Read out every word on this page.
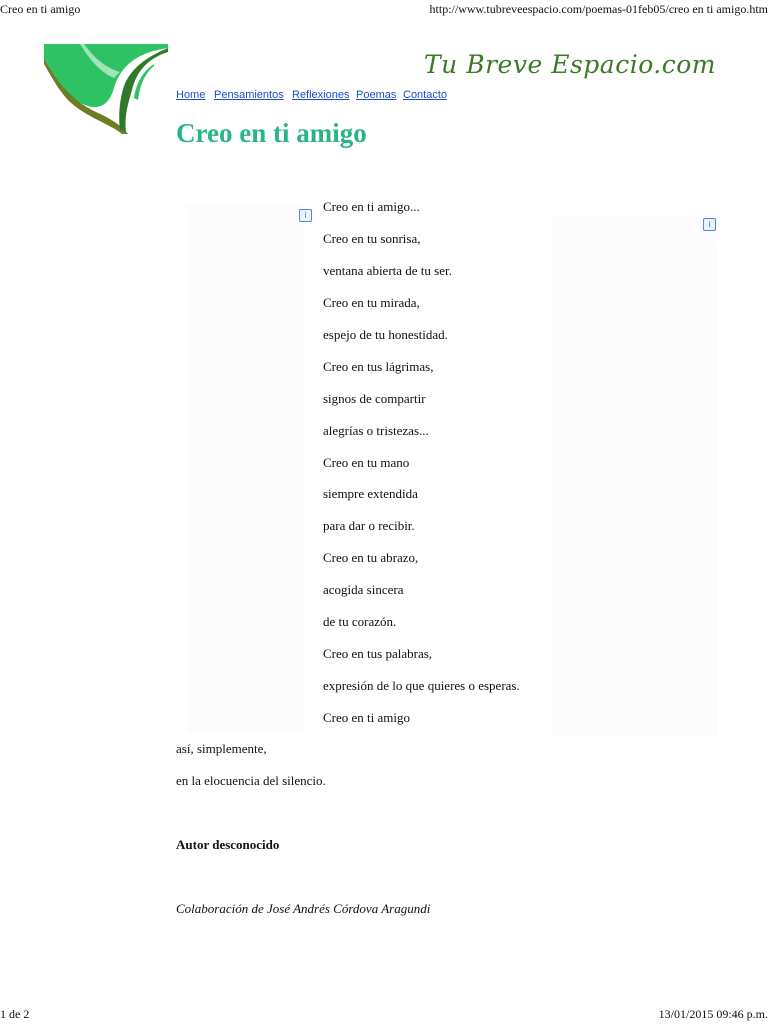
Creo en ti amigo	http://www.tubreveespacio.com/poemas-01feb05/creo en ti amigo.htm
Tu Breve Espacio.com
Home Pensamientos Reflexiones Poemas Contacto
Creo en ti amigo
i
i
Creo en ti amigo...
Creo en tu sonrisa,
ventana abierta de tu ser.
Creo en tu mirada,
espejo de tu honestidad.
Creo en tus lágrimas,
signos de compartir
alegrías o tristezas...
Creo en tu mano
siempre extendida
para dar o recibir.
Creo en tu abrazo,
acogida sincera
de tu corazón.
Creo en tus palabras,
expresión de lo que quieres o esperas.
Creo en ti amigo
así, simplemente,
en la elocuencia del silencio.
Autor desconocido
Colaboración de José Andrés Córdova Aragundi
1 de 2	13/01/2015 09:46 p.m.
